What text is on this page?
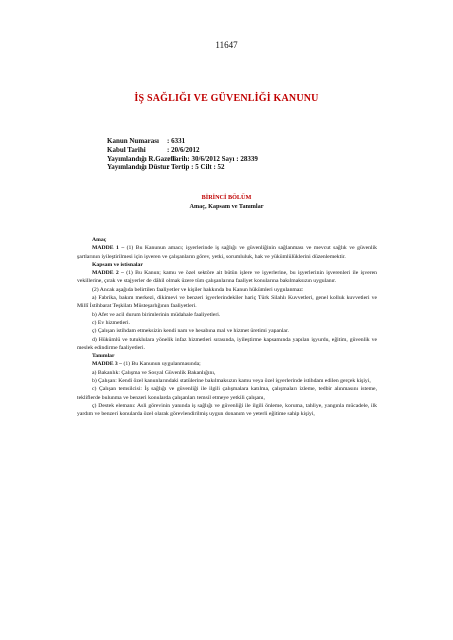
11647
İŞ SAĞLIĞI VE GÜVENLİĞİ KANUNU
Kanun Numarası	: 6331
Kabul Tarihi	: 20/6/2012
Yayımlandığı R.Gazete
: Tarih: 30/6/2012 Sayı : 28339
Yayımlandığı Düstur
: Tertip : 5 Cilt : 52
BİRİNCİ BÖLÜM
Amaç, Kapsam ve Tanımlar

Amaç

MADDE 1 – (1) Bu Kanunun amacı; işyerlerinde iş sağlığı ve güvenliğinin sağlanması ve mevcut sağlık ve güvenlik şartlarının iyileştirilmesi için işveren ve çalışanların görev, yetki, sorumluluk, hak ve yükümlülüklerini düzenlemektir.

Kapsam ve istisnalar

MADDE 2 – (1) Bu Kanun; kamu ve özel sektöre ait bütün işlere ve işyerlerine, bu işyerlerinin işverenleri ile işveren vekillerine, çırak ve stajyerler de dâhil olmak üzere tüm çalışanlarına faaliyet konularına bakılmaksızın uygulanır.

(2) Ancak aşağıda belirtilen faaliyetler ve kişiler hakkında bu Kanun hükümleri uygulanmaz:

a) Fabrika, bakım merkezi, dikimevi ve benzeri işyerlerindekiler hariç Türk Silahlı Kuvvetleri, genel kolluk kuvvetleri ve Millî İstihbarat Teşkilatı Müsteşarlığının faaliyetleri.

b) Afet ve acil durum birimlerinin müdahale faaliyetleri.

c) Ev hizmetleri.

ç) Çalışan istihdam etmeksizin kendi nam ve hesabına mal ve hizmet üretimi yapanlar.

d) Hükümlü ve tutuklulara yönelik infaz hizmetleri sırasında, iyileştirme kapsamında yapılan işyurdu, eğitim, güvenlik ve meslek edindirme faaliyetleri.

Tanımlar

MADDE 3 – (1) Bu Kanunun uygulanmasında;

a) Bakanlık: Çalışma ve Sosyal Güvenlik Bakanlığını,

b) Çalışan: Kendi özel kanunlarındaki statülerine bakılmaksızın kamu veya özel işyerlerinde istihdam edilen gerçek kişiyi,

c) Çalışan temsilcisi: İş sağlığı ve güvenliği ile ilgili çalışmalara katılma, çalışmaları izleme, tedbir alınmasını isteme, tekliflerde bulunma ve benzeri konularda çalışanları temsil etmeye yetkili çalışanı,

ç) Destek elemanı: Asli görevinin yanında iş sağlığı ve güvenliği ile ilgili önleme, koruma, tahliye, yangınla mücadele, ilk yardım ve benzeri konularda özel olarak görevlendirilmiş uygun donanım ve yeterli eğitime sahip kişiyi,
